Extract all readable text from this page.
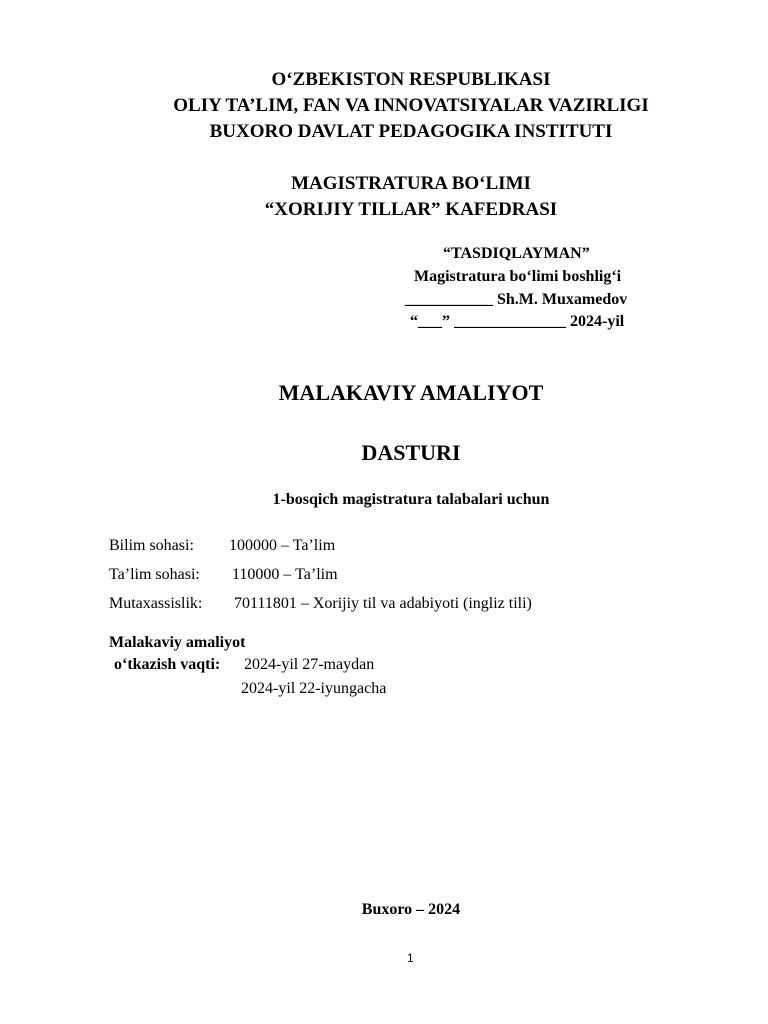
O‘ZBEKISTON RESPUBLIKASI
OLIY TA’LIM, FAN VA INNOVATSIYALAR VAZIRLIGI
BUXORO DAVLAT PEDAGOGIKA INSTITUTI
MAGISTRATURA BO‘LIMI
“XORIJIY TILLAR” KAFEDRASI
“TASDIQLAYMAN”
Magistratura bo‘limi boshlig‘i
___________ Sh.M. Muxamedov
“___” ______________ 2024-yil
MALAKAVIY AMALIYOT
DASTURI
1-bosqich magistratura talabalari uchun
Bilim sohasi: 100000 – Ta’lim
Ta’lim sohasi: 110000 – Ta’lim
Mutaxassislik: 70111801 – Xorijiy til va adabiyoti (ingliz tili)
Malakaviy amaliyot
o‘tkazish vaqti: 2024-yil 27-maydan
2024-yil 22-iyungacha
Buxoro – 2024
1
